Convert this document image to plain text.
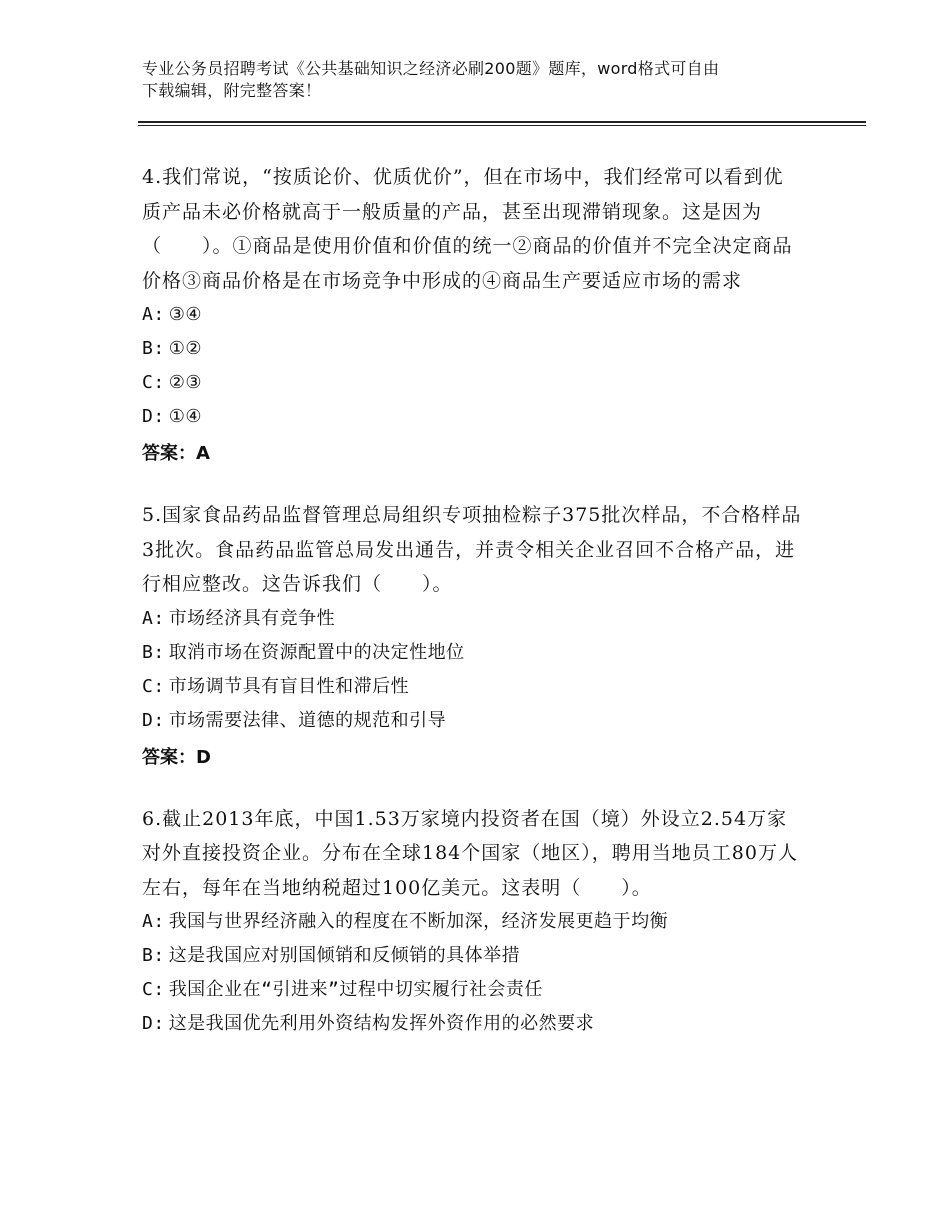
专业公务员招聘考试《公共基础知识之经济必刷200题》题库，word格式可自由
下载编辑，附完整答案！

4.我们常说，“按质论价、优质优价”，但在市场中，我们经常可以看到优质产品未必价格就高于一般质量的产品，甚至出现滞销现象。这是因为（　　）。①商品是使用价值和价值的统一②商品的价值并不完全决定商品价格③商品价格是在市场竞争中形成的④商品生产要适应市场的需求

A: ③④
B: ①②
C: ②③
D: ①④
答案：A

5.国家食品药品监督管理总局组织专项抽检粽子375批次样品，不合格样品3批次。食品药品监管总局发出通告，并责令相关企业召回不合格产品，进行相应整改。这告诉我们（　　）。

A: 市场经济具有竞争性
B: 取消市场在资源配置中的决定性地位
C: 市场调节具有盲目性和滞后性
D: 市场需要法律、道德的规范和引导
答案：D

6.截止2013年底，中国1.53万家境内投资者在国（境）外设立2.54万家对外直接投资企业。分布在全球184个国家（地区），聘用当地员工80万人左右，每年在当地纳税超过100亿美元。这表明（　　）。

A: 我国与世界经济融入的程度在不断加深，经济发展更趋于均衡
B: 这是我国应对别国倾销和反倾销的具体举措
C: 我国企业在“引进来”过程中切实履行社会责任
D: 这是我国优先利用外资结构发挥外资作用的必然要求
